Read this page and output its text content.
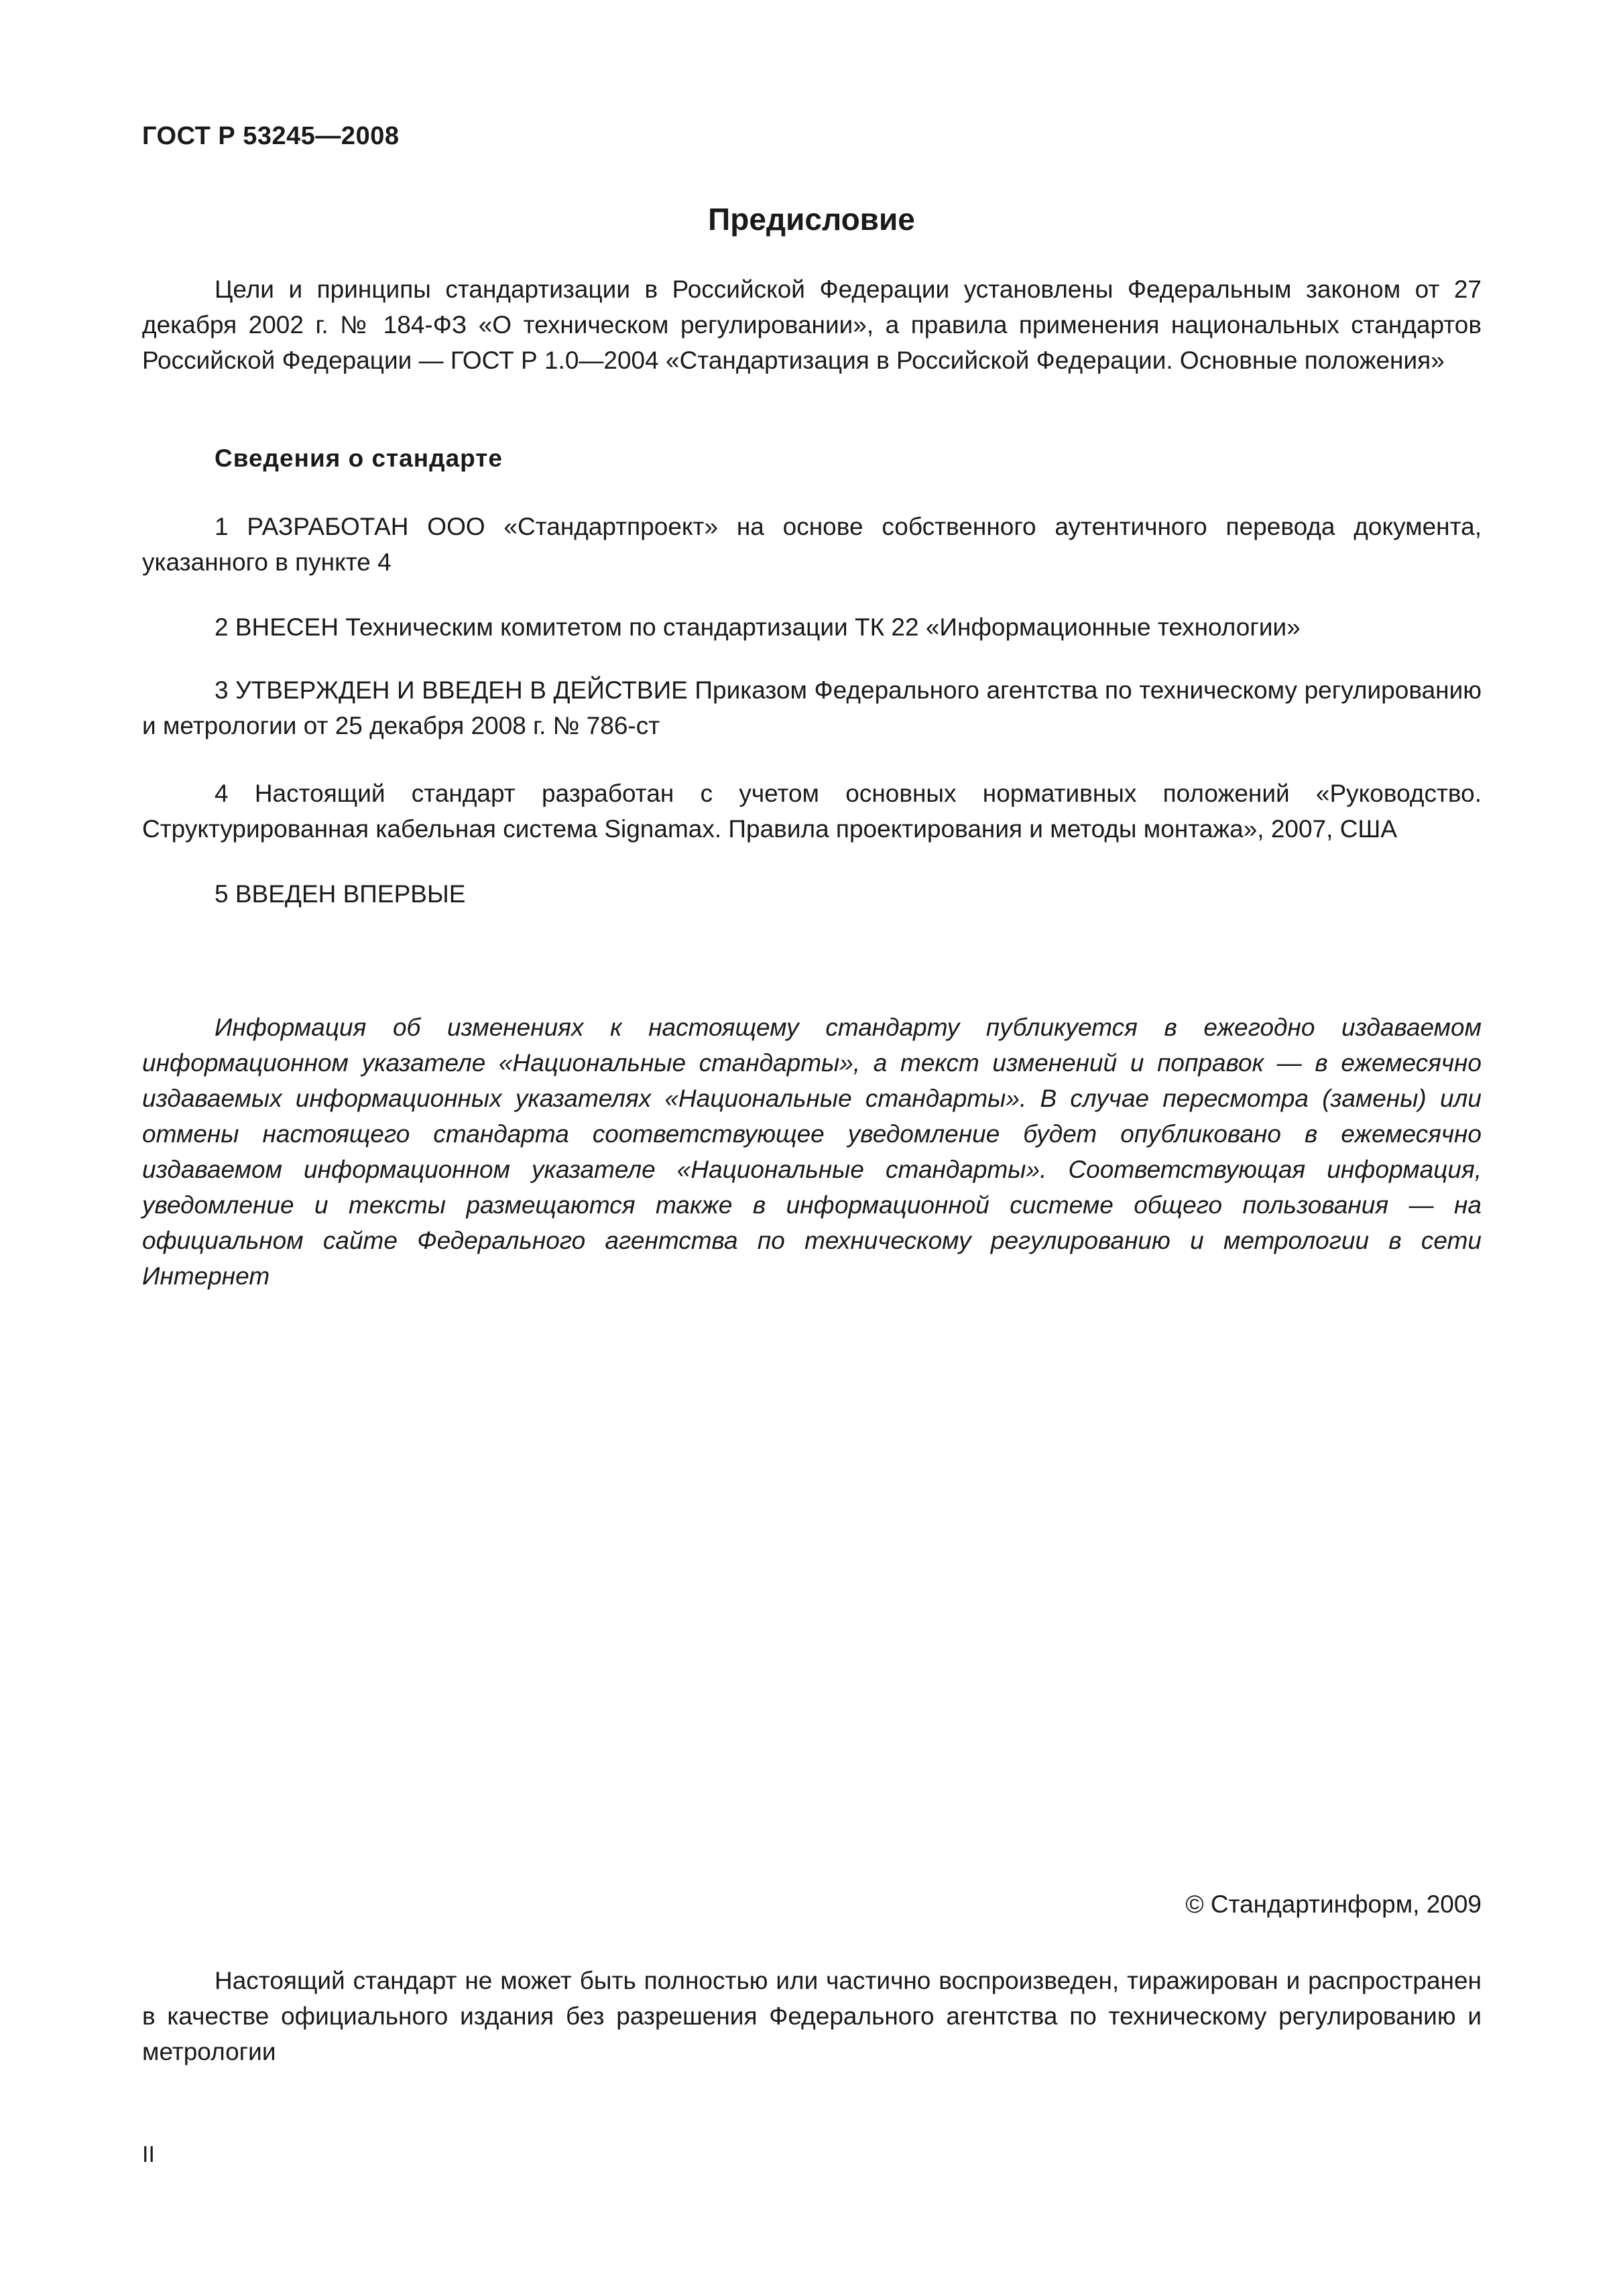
ГОСТ Р 53245—2008
Предисловие

Цели и принципы стандартизации в Российской Федерации установлены Федеральным законом от 27 декабря 2002 г. № 184-ФЗ «О техническом регулировании», а правила применения национальных стандартов Российской Федерации — ГОСТ Р 1.0—2004 «Стандартизация в Российской Федерации. Основные положения»

Сведения о стандарте

1 РАЗРАБОТАН ООО «Стандартпроект» на основе собственного аутентичного перевода документа, указанного в пункте 4

2 ВНЕСЕН Техническим комитетом по стандартизации ТК 22 «Информационные технологии»

3 УТВЕРЖДЕН И ВВЕДЕН В ДЕЙСТВИЕ Приказом Федерального агентства по техническому регулированию и метрологии от 25 декабря 2008 г. № 786-ст

4 Настоящий стандарт разработан с учетом основных нормативных положений «Руководство. Структурированная кабельная система Signamax. Правила проектирования и методы монтажа», 2007, США

5 ВВЕДЕН ВПЕРВЫЕ

Информация об изменениях к настоящему стандарту публикуется в ежегодно издаваемом информационном указателе «Национальные стандарты», а текст изменений и поправок — в ежемесячно издаваемых информационных указателях «Национальные стандарты». В случае пересмотра (замены) или отмены настоящего стандарта соответствующее уведомление будет опубликовано в ежемесячно издаваемом информационном указателе «Национальные стандарты». Соответствующая информация, уведомление и тексты размещаются также в информационной системе общего пользования — на официальном сайте Федерального агентства по техническому регулированию и метрологии в сети Интернет

© Стандартинформ, 2009

Настоящий стандарт не может быть полностью или частично воспроизведен, тиражирован и распространен в качестве официального издания без разрешения Федерального агентства по техническому регулированию и метрологии

II
